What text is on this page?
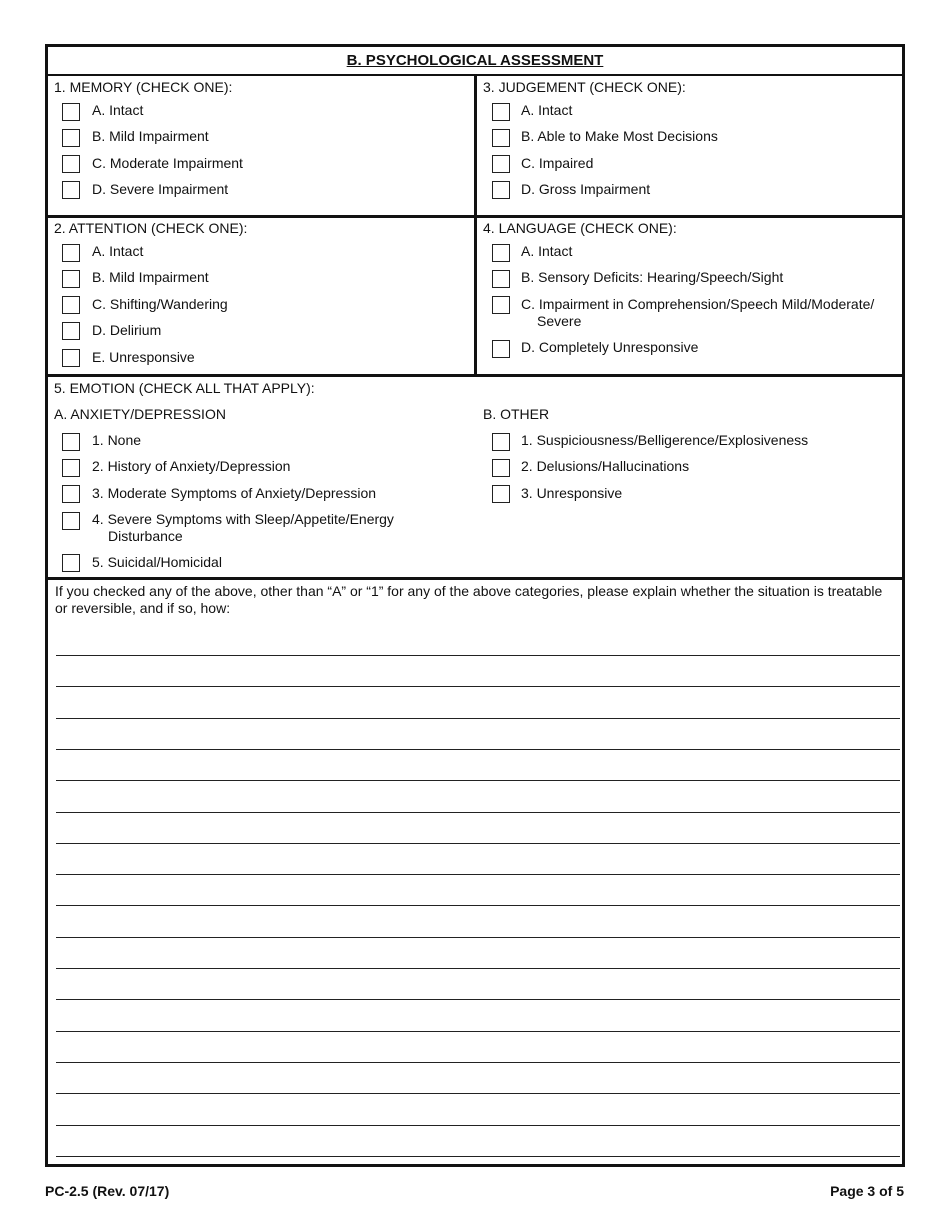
B. PSYCHOLOGICAL ASSESSMENT
1. MEMORY (CHECK ONE):
A. Intact
B. Mild Impairment
C. Moderate Impairment
D. Severe Impairment
3. JUDGEMENT (CHECK ONE):
A. Intact
B. Able to Make Most Decisions
C. Impaired
D. Gross Impairment
2. ATTENTION (CHECK ONE):
A. Intact
B. Mild Impairment
C. Shifting/Wandering
D. Delirium
E. Unresponsive
4. LANGUAGE (CHECK ONE):
A. Intact
B. Sensory Deficits: Hearing/Speech/Sight
C. Impairment in Comprehension/Speech Mild/Moderate/
Severe
D. Completely Unresponsive
5. EMOTION (CHECK ALL THAT APPLY):
A. ANXIETY/DEPRESSION
1. None
2. History of Anxiety/Depression
3. Moderate Symptoms of Anxiety/Depression
4. Severe Symptoms with Sleep/Appetite/Energy
Disturbance
5. Suicidal/Homicidal
B. OTHER
1. Suspiciousness/Belligerence/Explosiveness
2. Delusions/Hallucinations
3. Unresponsive
If you checked any of the above, other than “A” or “1” for any of the above categories, please explain whether the situation is treatable or reversible, and if so, how:
PC-2.5 (Rev. 07/17)	Page 3 of 5
